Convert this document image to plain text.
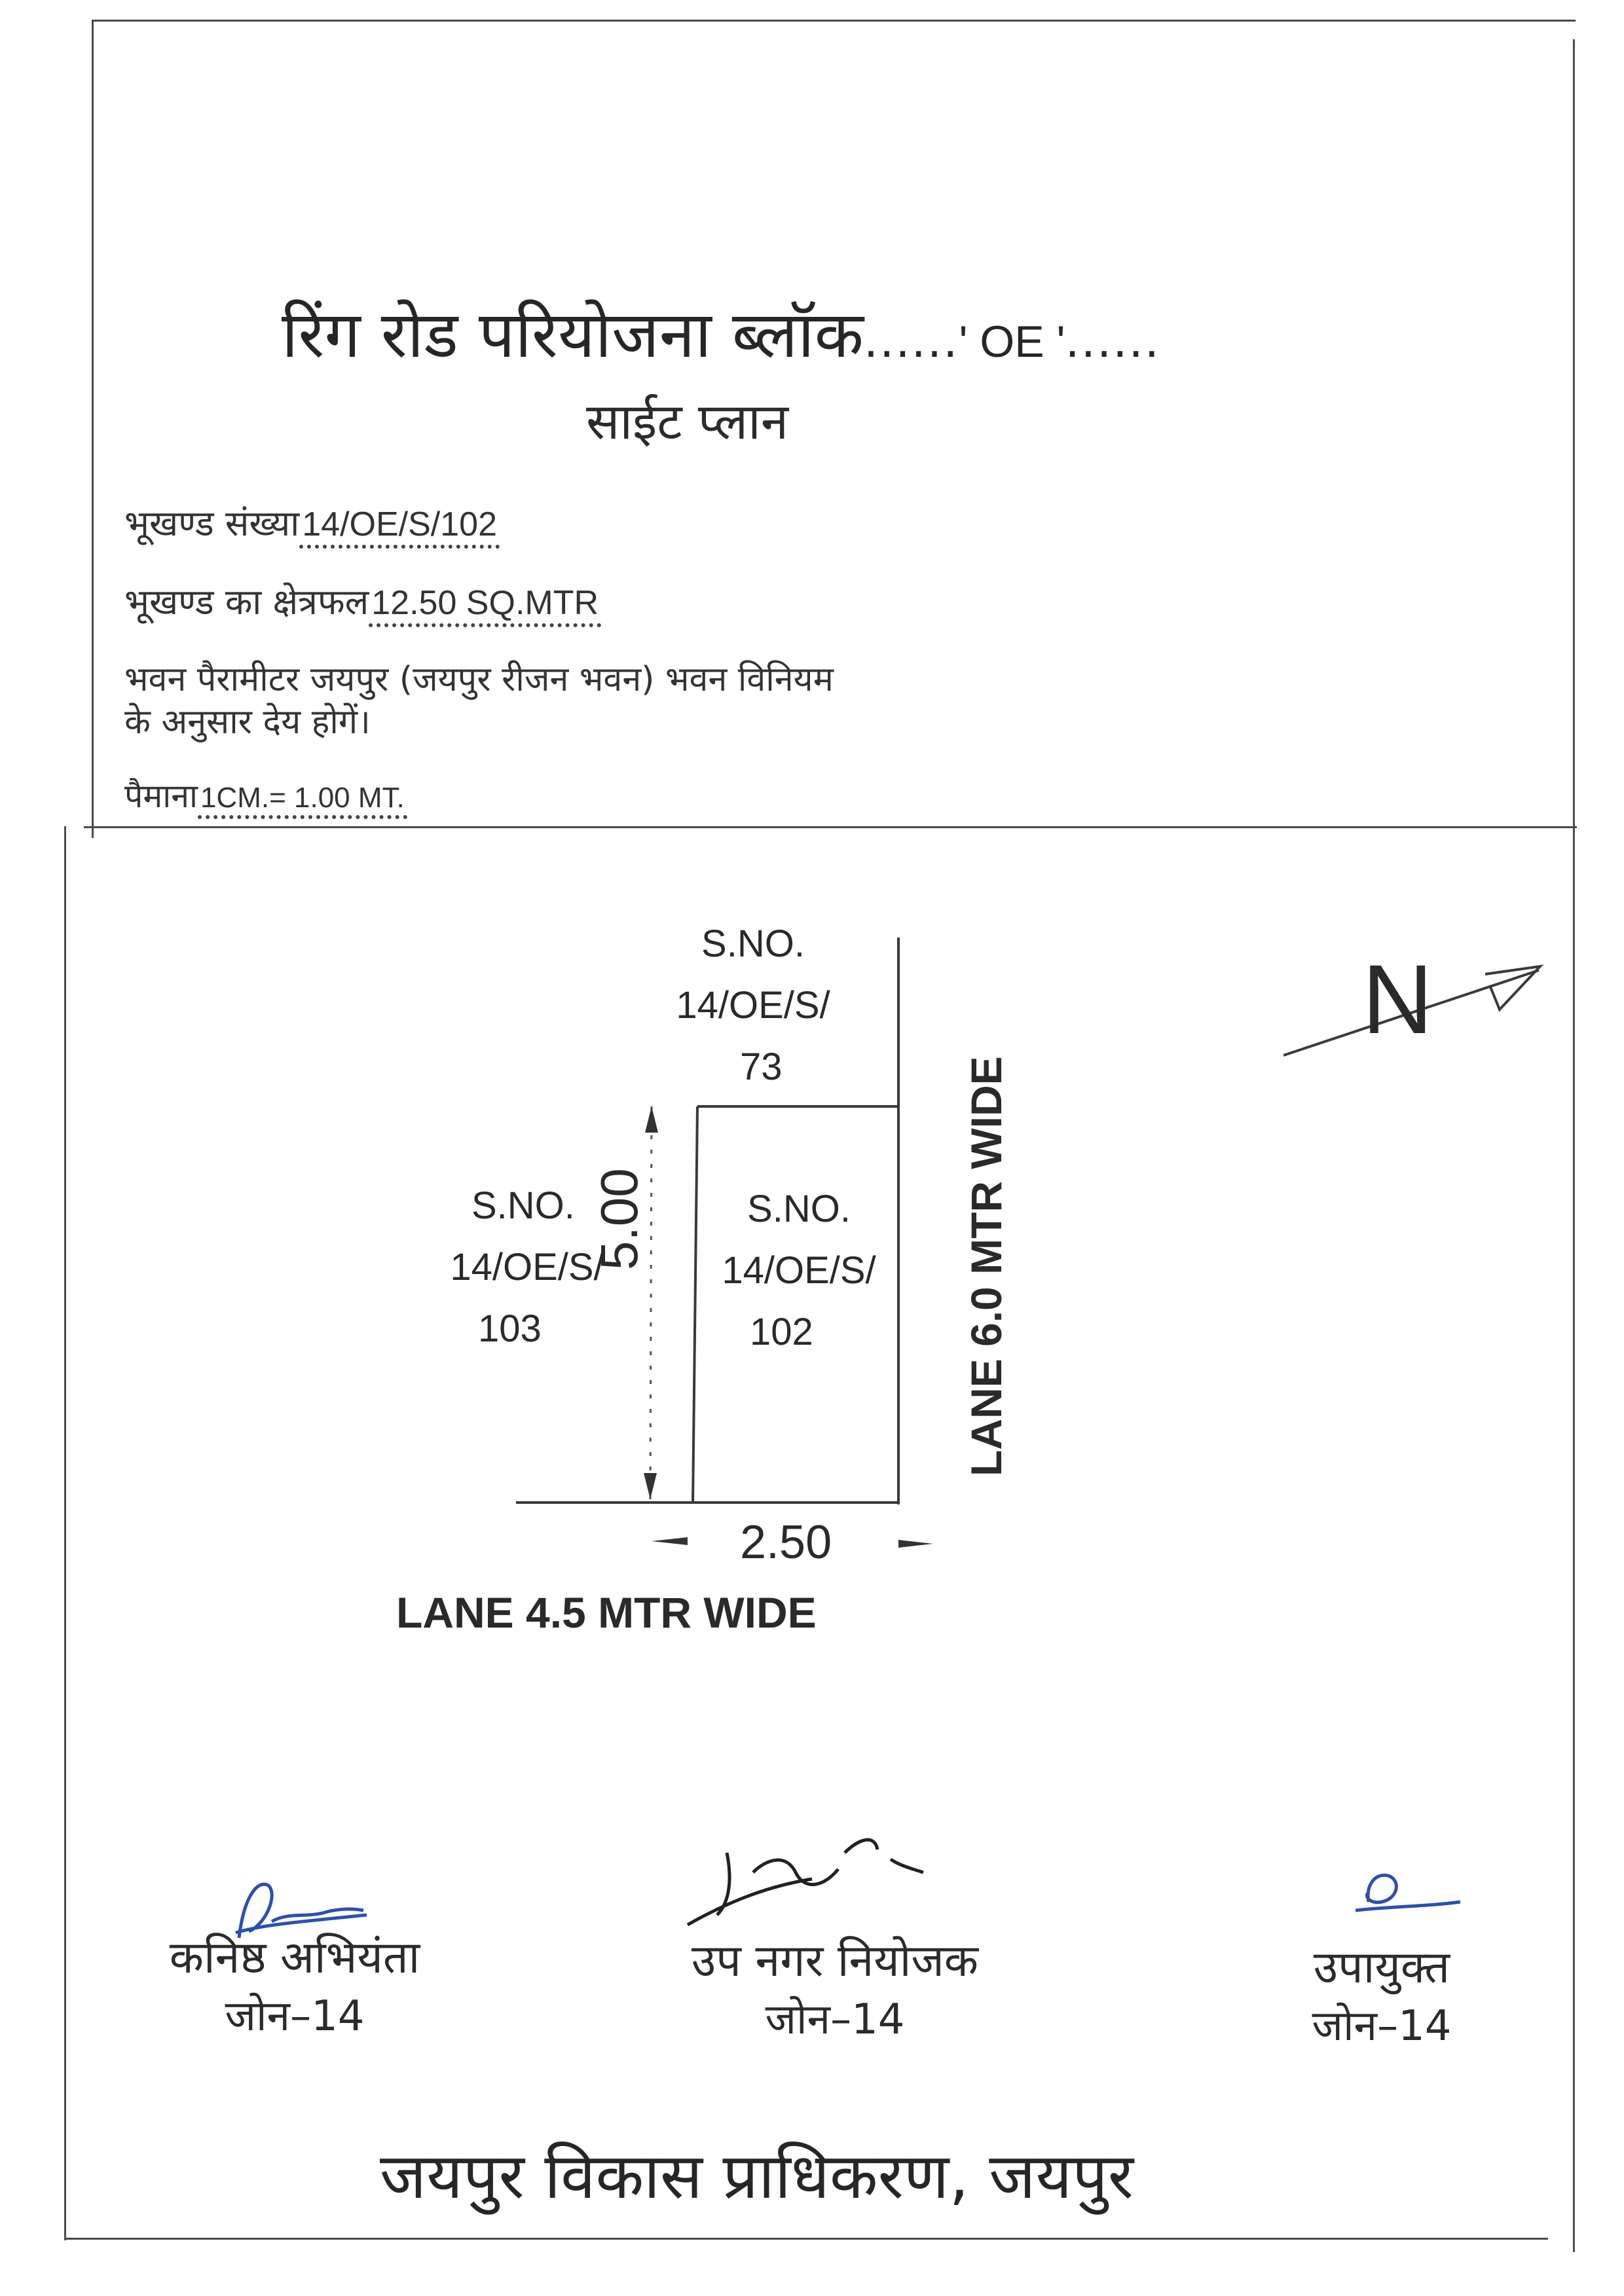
रिंग रोड परियोजना ब्लॉक......' OE '......
साईट प्लान
भूखण्ड संख्या14/OE/S/102
भूखण्ड का क्षेत्रफल12.50 SQ.MTR
भवन पैरामीटर जयपुर (जयपुर रीजन भवन) भवन विनियम
के अनुसार देय होगें।
पैमाना1CM.= 1.00 MT.
S.NO.
14/OE/S/
73
S.NO.
14/OE/S/
103
S.NO.
14/OE/S/
102
5.00
2.50
LANE 6.0 MTR WIDE
LANE 4.5 MTR WIDE
N
कनिष्ठ अभियंता
जोन–14
उप नगर नियोजक
जोन–14
उपायुक्त
जोन–14
जयपुर विकास प्राधिकरण, जयपुर
